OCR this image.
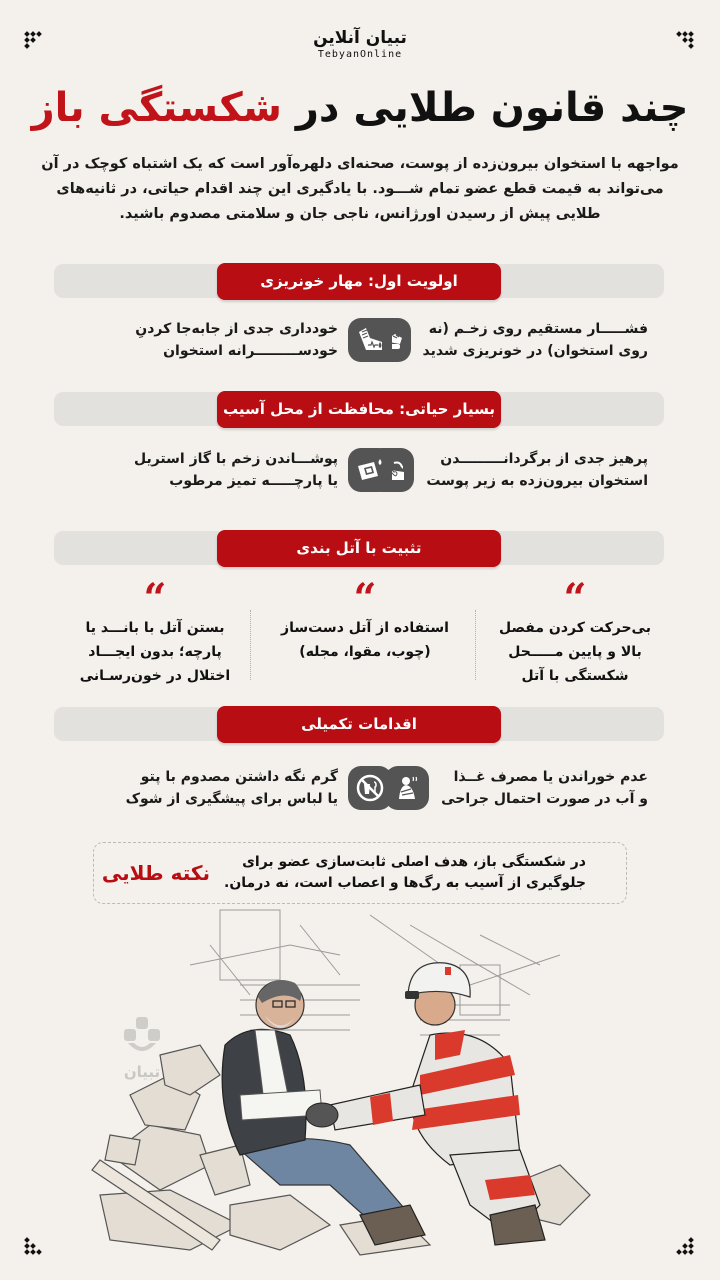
تبیان آنلاین
TebyanOnline
چند قانون طلایی در شکستگی باز
مواجهه با استخوان بیرون‌زده از پوست، صحنه‌ای دلهره‌آور است که یک اشتباه کوچک در آن می‌تواند به قیمت قطع عضو تمام شـــود. با یادگیری این چند اقدام حیاتی، در ثانیه‌های طلایی پیش از رسیدن اورژانس، ناجی جان و سلامتی مصدوم باشید.
اولویت اول: مهار خونریزی
فشـــــار مستقیم روی زخـم (نه
روی استخوان) در خونریزی شدید
خودداری جدی از جابه‌جا کردنِ
خودســـــــــرانه استخوان
بسیار حیاتی: محافظت از محل آسیب
پرهیز جدی از برگردانـــــــــدن
استخوان بیرون‌زده به زیر پوست
پوشـــاندن زخم با گاز استریل
یا پارچـــــه تمیز مرطوب
تثبیت با آتل بندی
“
بی‌حرکت کردن مفصل
بالا و پایین مـــــحل
شکستگی با آتل
“
استفاده از آتل دست‌ساز
(چوب، مقوا، مجله)
“
بستن آتل با بانـــد یا
پارچه؛ بدون ایجـــاد
اختلال در خون‌رسـانی
اقدامات تکمیلی
عدم خوراندن یا مصرف غــذا
و آب در صورت احتمال جراحی
گرم نگه داشتن مصدوم با پتو
یا لباس برای پیشگیری از شوک
در شکستگی باز، هدف اصلی ثابت‌سازی عضو برای
جلوگیری از آسیب به رگ‌ها و اعصاب است، نه درمان.
نکته طلایی
تبیان
